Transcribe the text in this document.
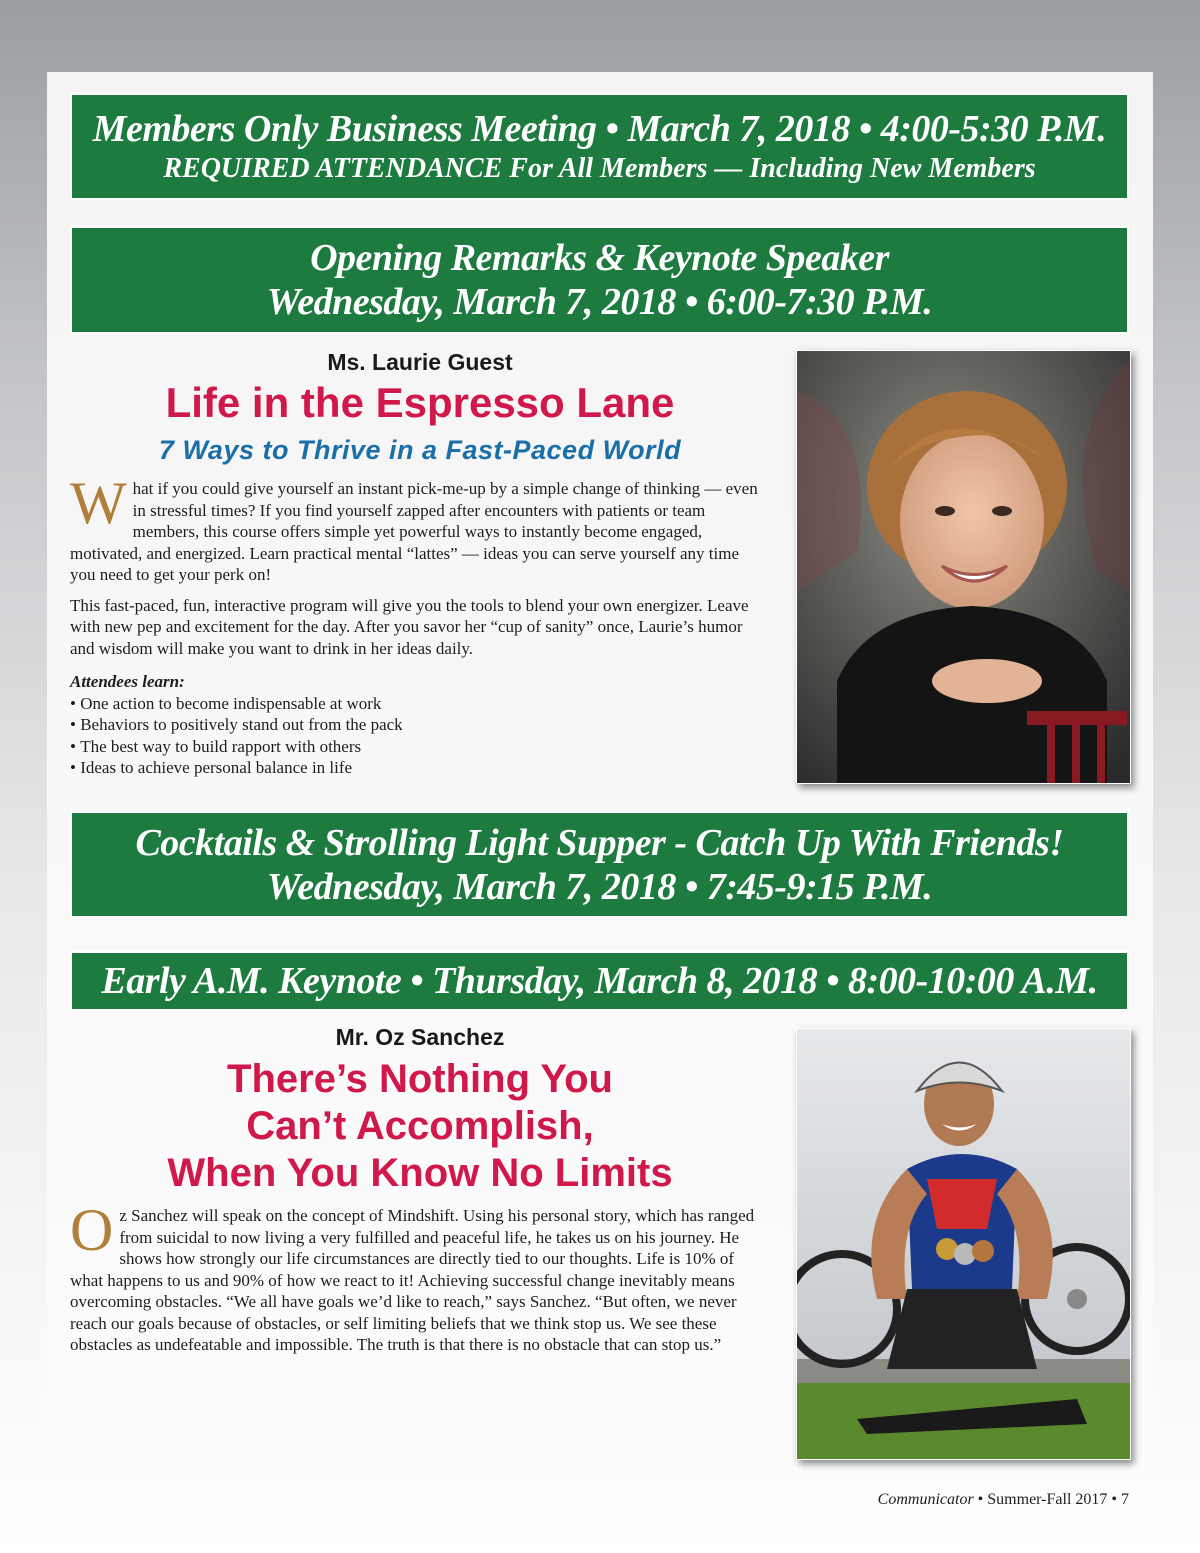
Members Only Business Meeting • March 7, 2018 • 4:00-5:30 P.M.
REQUIRED ATTENDANCE For All Members — Including New Members
Opening Remarks & Keynote Speaker
Wednesday, March 7, 2018 • 6:00-7:30 P.M.
Ms. Laurie Guest
Life in the Espresso Lane
7 Ways to Thrive in a Fast-Paced World

What if you could give yourself an instant pick-me-up by a simple change of thinking — even in stressful times? If you find yourself zapped after encounters with patients or team members, this course offers simple yet powerful ways to instantly become engaged, motivated, and energized. Learn practical mental “lattes” — ideas you can serve yourself any time you need to get your perk on!

This fast-paced, fun, interactive program will give you the tools to blend your own energizer. Leave with new pep and excitement for the day. After you savor her “cup of sanity” once, Laurie’s humor and wisdom will make you want to drink in her ideas daily.

Attendees learn:
• One action to become indispensable at work
• Behaviors to positively stand out from the pack
• The best way to build rapport with others
• Ideas to achieve personal balance in life
Cocktails & Strolling Light Supper - Catch Up With Friends!
Wednesday, March 7, 2018 • 7:45-9:15 P.M.
Early A.M. Keynote • Thursday, March 8, 2018 • 8:00-10:00 A.M.
Mr. Oz Sanchez
There’s Nothing You
Can’t Accomplish,
When You Know No Limits

Oz Sanchez will speak on the concept of Mindshift. Using his personal story, which has ranged from suicidal to now living a very fulfilled and peaceful life, he takes us on his journey. He shows how strongly our life circumstances are directly tied to our thoughts. Life is 10% of what happens to us and 90% of how we react to it! Achieving successful change inevitably means overcoming obstacles. “We all have goals we’d like to reach,” says Sanchez. “But often, we never reach our goals because of obstacles, or self limiting beliefs that we think stop us. We see these obstacles as undefeatable and impossible. The truth is that there is no obstacle that can stop us.”

Communicator • Summer-Fall 2017 • 7
